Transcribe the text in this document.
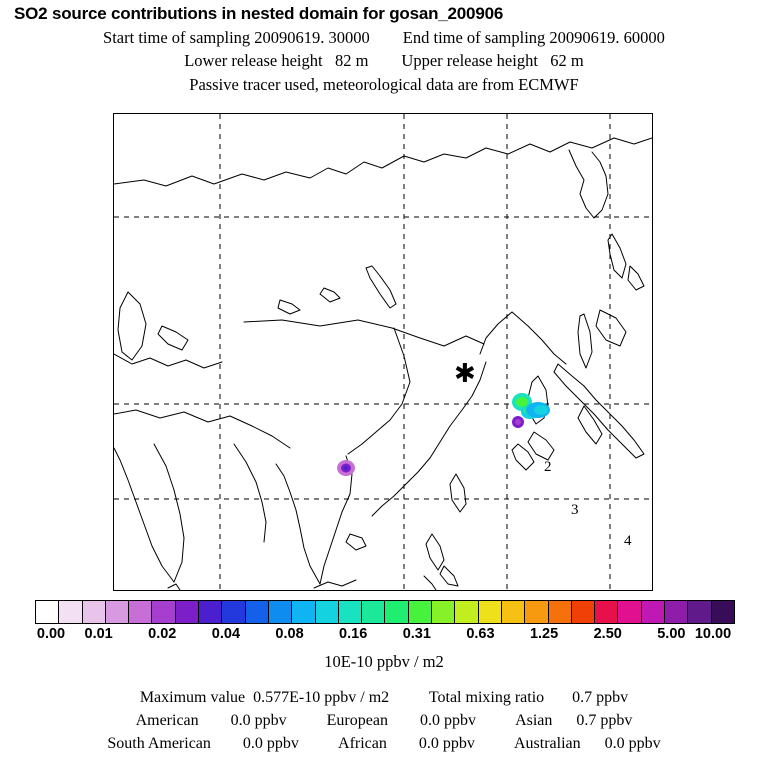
SO2 source contributions in nested domain for gosan_200906
Start time of sampling 20090619. 30000        End time of sampling 20090619. 60000
Lower release height   82 m        Upper release height   62 m
Passive tracer used, meteorological data are from ECMWF
✱
2
3
4
0.00 0.01 0.02 0.04 0.08 0.16 0.31 0.63 1.25 2.50 5.00 10.00
10E-10 ppbv / m2
Maximum value  0.577E-10 ppbv / m2          Total mixing ratio       0.7 ppbv
American        0.0 ppbv          European        0.0 ppbv          Asian      0.7 ppbv
South American        0.0 ppbv          African        0.0 ppbv          Australian      0.0 ppbv
